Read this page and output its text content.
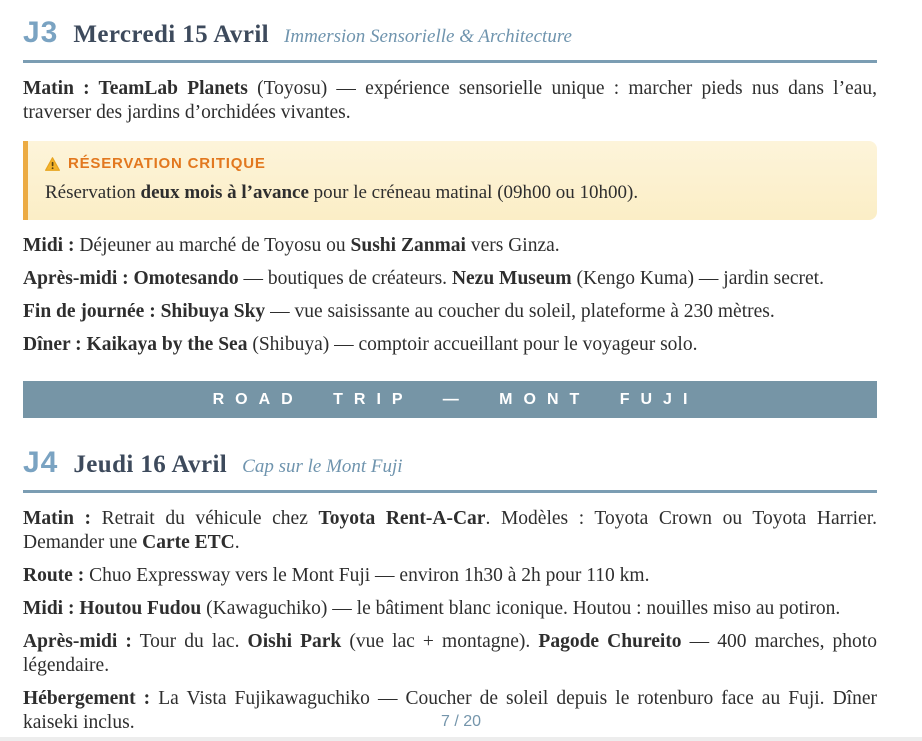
J3 Mercredi 15 Avril Immersion Sensorielle & Architecture

Matin : TeamLab Planets (Toyosu) — expérience sensorielle unique : marcher pieds nus dans l’eau, traverser des jardins d’orchidées vivantes.

RÉSERVATION CRITIQUE

Réservation deux mois à l’avance pour le créneau matinal (09h00 ou 10h00).

Midi : Déjeuner au marché de Toyosu ou Sushi Zanmai vers Ginza.

Après-midi : Omotesando — boutiques de créateurs. Nezu Museum (Kengo Kuma) — jardin secret.

Fin de journée : Shibuya Sky — vue saisissante au coucher du soleil, plateforme à 230 mètres.

Dîner : Kaikaya by the Sea (Shibuya) — comptoir accueillant pour le voyageur solo.

ROAD TRIP — MONT FUJI
J4 Jeudi 16 Avril Cap sur le Mont Fuji

Matin : Retrait du véhicule chez Toyota Rent-A-Car. Modèles : Toyota Crown ou Toyota Harrier. Demander une Carte ETC.

Route : Chuo Expressway vers le Mont Fuji — environ 1h30 à 2h pour 110 km.

Midi : Houtou Fudou (Kawaguchiko) — le bâtiment blanc iconique. Houtou : nouilles miso au potiron.

Après-midi : Tour du lac. Oishi Park (vue lac + montagne). Pagode Chureito — 400 marches, photo légendaire.

Hébergement : La Vista Fujikawaguchiko — Coucher de soleil depuis le rotenburo face au Fuji. Dîner kaiseki inclus.	7 / 20
